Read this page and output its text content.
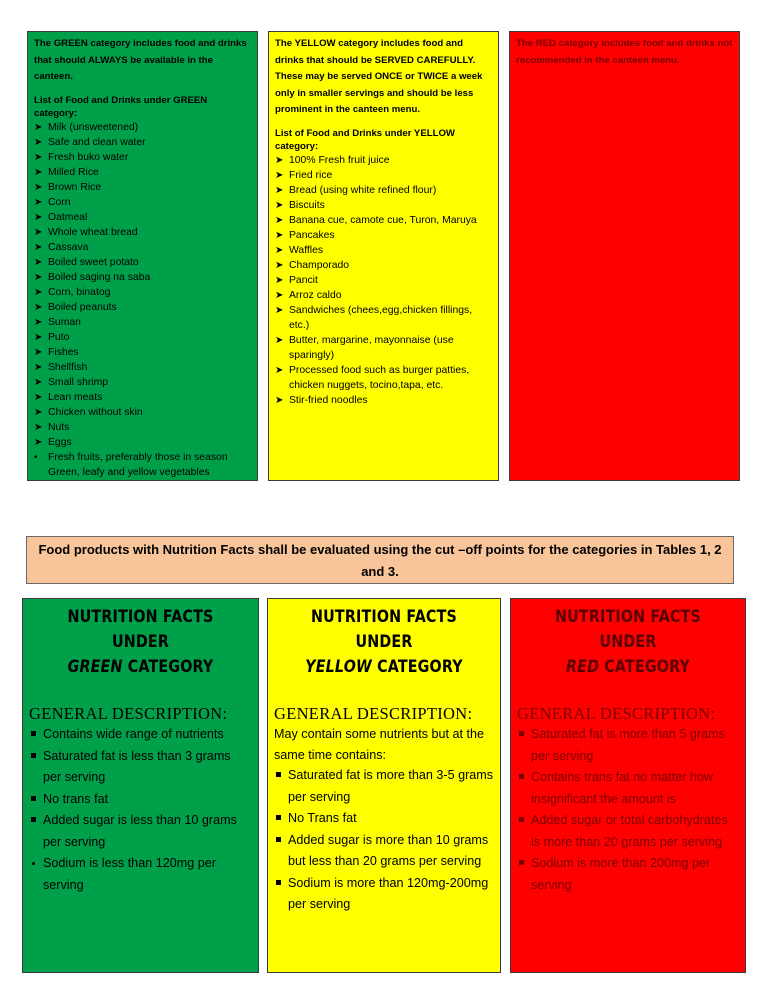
The GREEN category includes food and drinks that should ALWAYS be available in the canteen.

List of Food and Drinks under GREEN category:

➤ Milk (unsweetened)
➤ Safe and clean water
➤ Fresh buko water
➤ Milled Rice
➤ Brown Rice
➤ Corn
➤ Oatmeal
➤ Whole wheat bread
➤ Cassava
➤ Boiled sweet potato
➤ Boiled saging na saba
➤ Corn, binatog
➤ Boiled peanuts
➤ Suman
➤ Puto
➤ Fishes
➤ Shellfish
➤ Small shrimp
➤ Lean meats
➤ Chicken without skin
➤ Nuts
➤ Eggs
• Fresh fruits, preferably those in season Green, leafy and yellow vegetables

The YELLOW category includes food and drinks that should be SERVED CAREFULLY. These may be served ONCE or TWICE a week only in smaller servings and should be less prominent in the canteen menu.

List of Food and Drinks under YELLOW category:

➤ 100% Fresh fruit juice
➤ Fried rice
➤ Bread (using white refined flour)
➤ Biscuits
➤ Banana cue, camote cue, Turon, Maruya
➤ Pancakes
➤ Waffles
➤ Champorado
➤ Pancit
➤ Arroz caldo
➤ Sandwiches (chees,egg,chicken fillings, etc.)
➤ Butter, margarine, mayonnaise (use sparingly)
➤ Processed food such as burger patties, chicken nuggets, tocino,tapa, etc.
➤ Stir-fried noodles

The RED category includes food and drinks not recommended in the canteen menu.

Food products with Nutrition Facts shall be evaluated using the cut –off points for the categories in Tables 1, 2 and 3.
NUTRITION FACTS UNDER
GREEN CATEGORY
GENERAL DESCRIPTION:
Contains wide range of nutrients
Saturated fat is less than 3 grams per serving
No trans fat
Added sugar is less than 10 grams per serving
Sodium is less than 120mg per serving
NUTRITION FACTS UNDER
YELLOW CATEGORY
GENERAL DESCRIPTION:

May contain some nutrients but at the same time contains:

Saturated fat is more than 3-5 grams per serving
No Trans fat
Added sugar is more than 10 grams but less than 20 grams per serving
Sodium is more than 120mg-200mg per serving
NUTRITION FACTS UNDER
RED CATEGORY
GENERAL DESCRIPTION:
Saturated fat is more than 5 grams per serving
Contains trans fat no matter how insignificant the amount is
Added sugar or total carbohydrates is more than 20 grams per serving
Sodium is more than 200mg per serving
